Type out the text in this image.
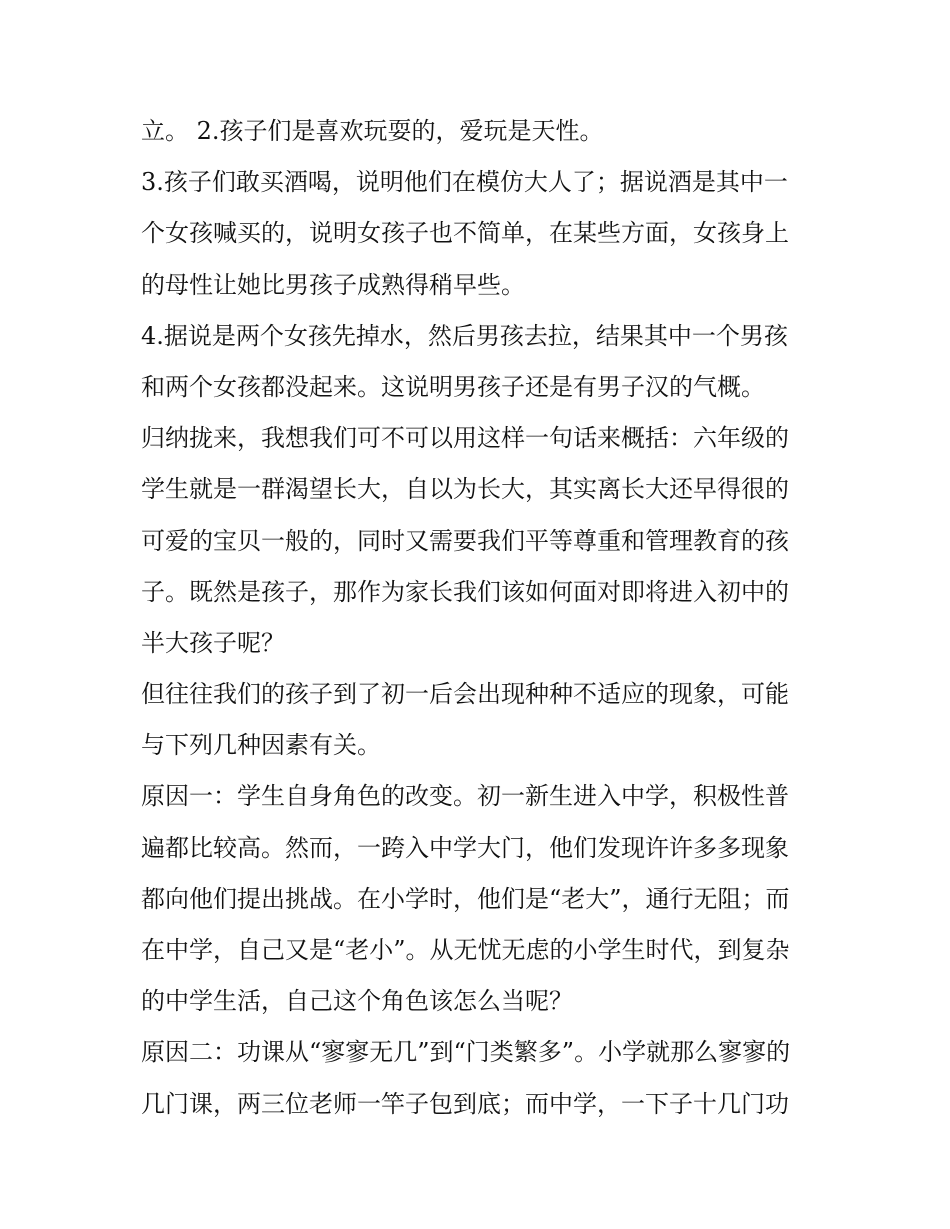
立。 2.孩子们是喜欢玩耍的，爱玩是天性。
3.孩子们敢买酒喝，说明他们在模仿大人了；据说酒是其中一
个女孩喊买的，说明女孩子也不简单，在某些方面，女孩身上
的母性让她比男孩子成熟得稍早些。
4.据说是两个女孩先掉水，然后男孩去拉，结果其中一个男孩
和两个女孩都没起来。这说明男孩子还是有男子汉的气概。
归纳拢来，我想我们可不可以用这样一句话来概括：六年级的
学生就是一群渴望长大，自以为长大，其实离长大还早得很的
可爱的宝贝一般的，同时又需要我们平等尊重和管理教育的孩
子。既然是孩子，那作为家长我们该如何面对即将进入初中的
半大孩子呢？
但往往我们的孩子到了初一后会出现种种不适应的现象，可能
与下列几种因素有关。
原因一：学生自身角色的改变。初一新生进入中学，积极性普
遍都比较高。然而，一跨入中学大门，他们发现许许多多现象
都向他们提出挑战。在小学时，他们是“老大”，通行无阻；而
在中学，自己又是“老小”。从无忧无虑的小学生时代，到复杂
的中学生活，自己这个角色该怎么当呢？
原因二：功课从“寥寥无几”到“门类繁多”。小学就那么寥寥的
几门课，两三位老师一竿子包到底；而中学，一下子十几门功
